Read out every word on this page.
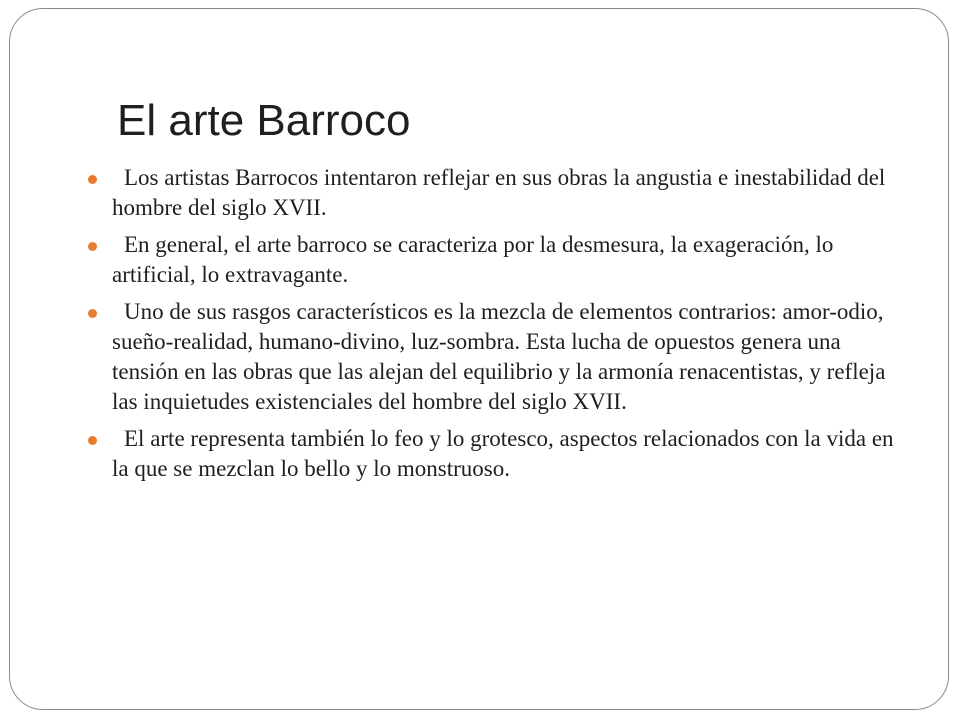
El arte Barroco
Los artistas Barrocos intentaron reflejar en sus obras la angustia e inestabilidad del hombre del siglo XVII.
En general, el arte barroco se caracteriza por la desmesura, la exageración, lo artificial, lo extravagante.
Uno de sus rasgos característicos es la mezcla de elementos contrarios: amor-odio, sueño-realidad, humano-divino, luz-sombra. Esta lucha de opuestos genera una tensión en las obras que las alejan del equilibrio y la armonía renacentistas, y refleja las inquietudes existenciales del hombre del siglo XVII.
El arte representa también lo feo y lo grotesco, aspectos relacionados con la vida en la que se mezclan lo bello y lo monstruoso.
